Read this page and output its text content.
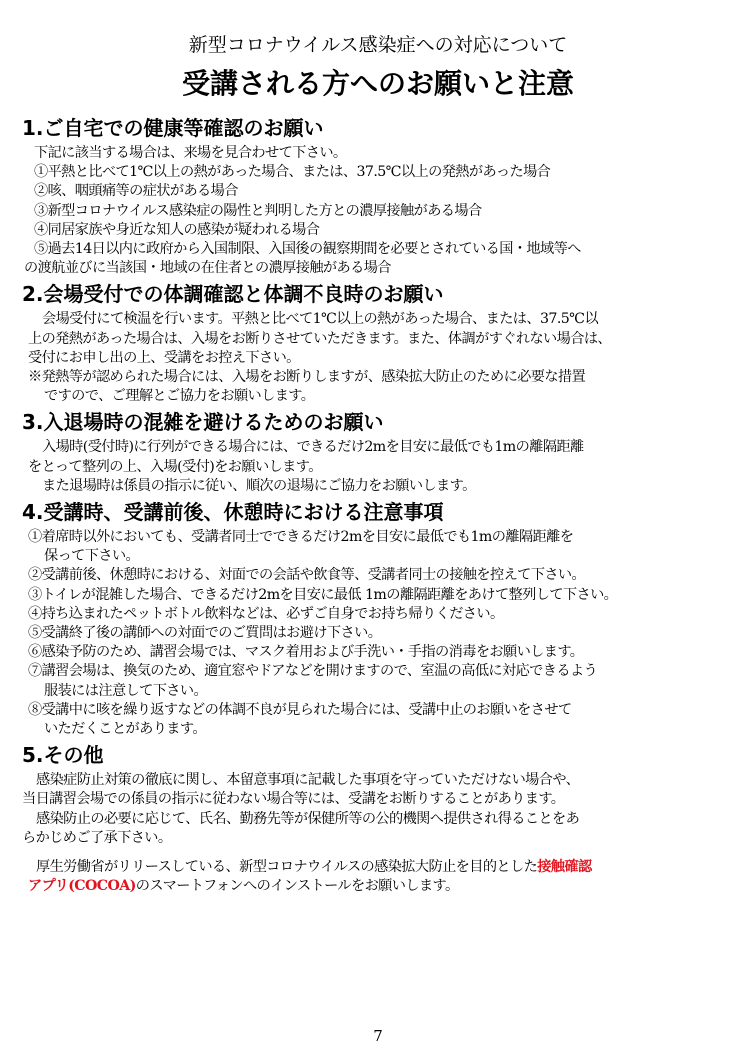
新型コロナウイルス感染症への対応について
受講される方へのお願いと注意
1.ご自宅での健康等確認のお願い
下記に該当する場合は、来場を見合わせて下さい。
①平熱と比べて1℃以上の熱があった場合、または、37.5℃以上の発熱があった場合
②咳、咽頭痛等の症状がある場合
③新型コロナウイルス感染症の陽性と判明した方との濃厚接触がある場合
④同居家族や身近な知人の感染が疑われる場合
⑤過去14日以内に政府から入国制限、入国後の観察期間を必要とされている国・地域等へ
の渡航並びに当該国・地域の在住者との濃厚接触がある場合
2.会場受付での体調確認と体調不良時のお願い
会場受付にて検温を行います。平熱と比べて1℃以上の熱があった場合、または、37.5℃以
上の発熱があった場合は、入場をお断りさせていただきます。また、体調がすぐれない場合は、
受付にお申し出の上、受講をお控え下さい。
※発熱等が認められた場合には、入場をお断りしますが、感染拡大防止のために必要な措置
ですので、ご理解とご協力をお願いします。
3.入退場時の混雑を避けるためのお願い
入場時(受付時)に行列ができる場合には、できるだけ2mを目安に最低でも1mの離隔距離
をとって整列の上、入場(受付)をお願いします。
また退場時は係員の指示に従い、順次の退場にご協力をお願いします。
4.受講時、受講前後、休憩時における注意事項
①着席時以外においても、受講者同士でできるだけ2mを目安に最低でも1mの離隔距離を
保って下さい。
②受講前後、休憩時における、対面での会話や飲食等、受講者同士の接触を控えて下さい。
③トイレが混雑した場合、できるだけ2mを目安に最低 1mの離隔距離をあけて整列して下さい。
④持ち込まれたペットボトル飲料などは、必ずご自身でお持ち帰りください。
⑤受講終了後の講師への対面でのご質問はお避け下さい。
⑥感染予防のため、講習会場では、マスク着用および手洗い・手指の消毒をお願いします。
⑦講習会場は、換気のため、適宜窓やドアなどを開けますので、室温の高低に対応できるよう
服装には注意して下さい。
⑧受講中に咳を繰り返すなどの体調不良が見られた場合には、受講中止のお願いをさせて
いただくことがあります。
5.その他
感染症防止対策の徹底に関し、本留意事項に記載した事項を守っていただけない場合や、
当日講習会場での係員の指示に従わない場合等には、受講をお断りすることがあります。
感染防止の必要に応じて、氏名、勤務先等が保健所等の公的機関へ提供され得ることをあ
らかじめご了承下さい。
厚生労働省がリリースしている、新型コロナウイルスの感染拡大防止を目的とした接触確認
アプリ(COCOA)のスマートフォンへのインストールをお願いします。
7
